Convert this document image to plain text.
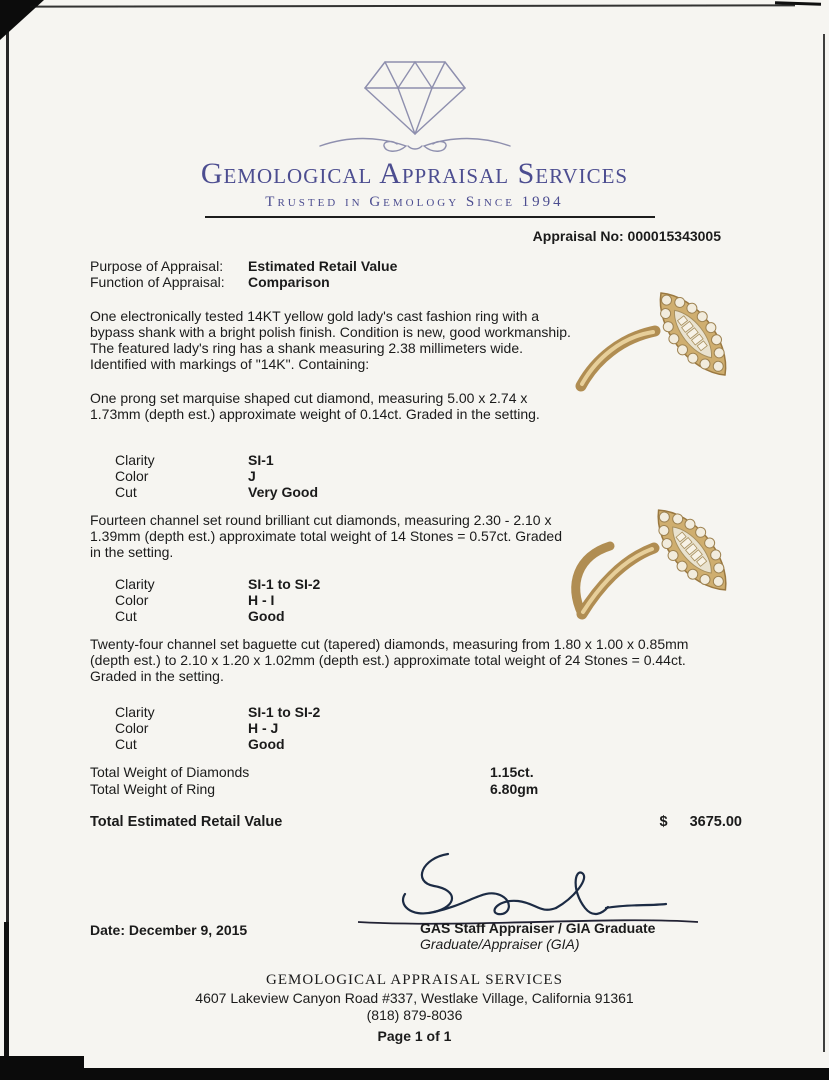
Gemological Appraisal Services
Trusted in Gemology Since 1994
Appraisal No: 000015343005
Purpose of Appraisal:	Estimated Retail Value
Function of Appraisal:	Comparison
One electronically tested 14KT yellow gold lady's cast fashion ring with a bypass shank with a bright polish finish. Condition is new, good workmanship. The featured lady's ring has a shank measuring 2.38 millimeters wide. Identified with markings of "14K". Containing:
One prong set marquise shaped cut diamond, measuring 5.00 x 2.74 x 1.73mm (depth est.) approximate weight of 0.14ct. Graded in the setting.
Clarity	SI-1
Color	J
Cut	Very Good
Fourteen channel set round brilliant cut diamonds, measuring 2.30 - 2.10 x 1.39mm (depth est.) approximate total weight of 14 Stones = 0.57ct. Graded in the setting.
Clarity	SI-1 to SI-2
Color	H - I
Cut	Good
Twenty-four channel set baguette cut (tapered) diamonds, measuring from 1.80 x 1.00 x 0.85mm (depth est.) to 2.10 x 1.20 x 1.02mm (depth est.) approximate total weight of 24 Stones = 0.44ct. Graded in the setting.
Clarity	SI-1 to SI-2
Color	H - J
Cut	Good
Total Weight of Diamonds	1.15ct.
Total Weight of Ring	6.80gm
Total Estimated Retail Value	$ 3675.00
Date: December 9, 2015	GAS Staff Appraiser / GIA Graduate
Graduate/Appraiser (GIA)
GEMOLOGICAL APPRAISAL SERVICES
4607 Lakeview Canyon Road #337, Westlake Village, California 91361
(818) 879-8036
Page 1 of 1
